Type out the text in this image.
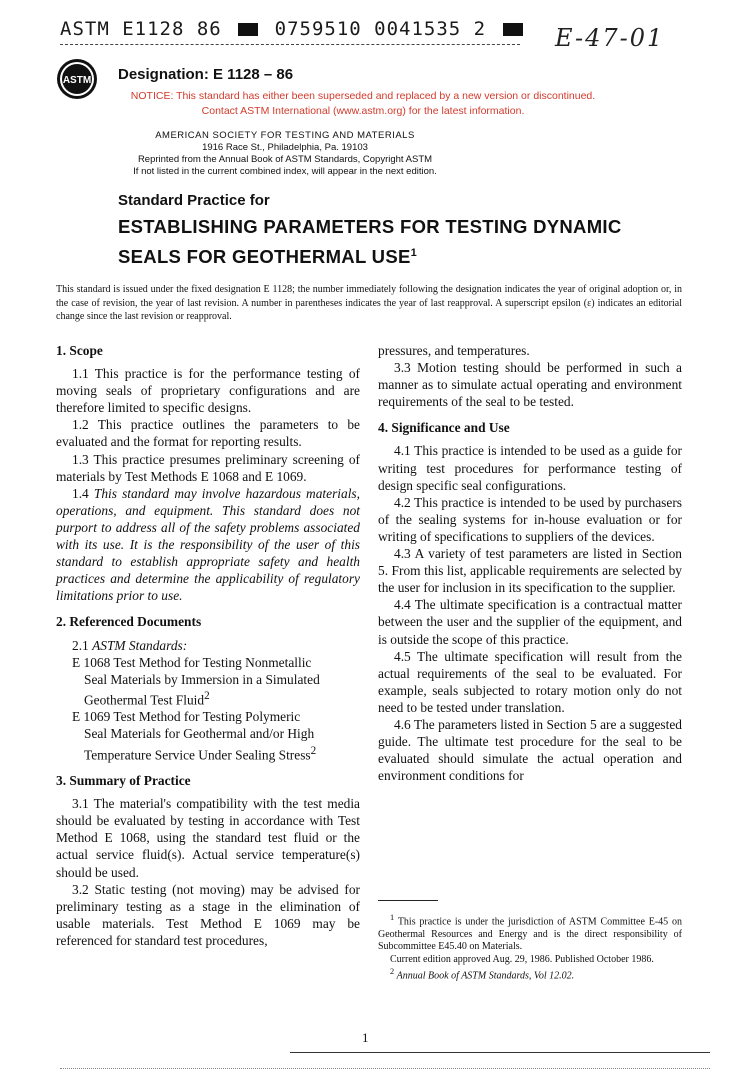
ASTM E1128 86	0759510 0041535 2	E-47-01
ASTM Designation: E 1128 – 86
NOTICE: This standard has either been superseded and replaced by a new version or discontinued.
Contact ASTM International (www.astm.org) for the latest information.
AMERICAN SOCIETY FOR TESTING AND MATERIALS
1916 Race St., Philadelphia, Pa. 19103
Reprinted from the Annual Book of ASTM Standards, Copyright ASTM
If not listed in the current combined index, will appear in the next edition.
Standard Practice for
ESTABLISHING PARAMETERS FOR TESTING DYNAMIC
SEALS FOR GEOTHERMAL USE$^1$
This standard is issued under the fixed designation E 1128; the number immediately following the designation indicates the year of original adoption or, in the case of revision, the year of last revision. A number in parentheses indicates the year of last reapproval. A superscript epsilon (ε) indicates an editorial change since the last revision or reapproval.
1. Scope

1.1 This practice is for the performance testing of moving seals of proprietary configurations and are therefore limited to specific designs.

1.2 This practice outlines the parameters to be evaluated and the format for reporting results.

1.3 This practice presumes preliminary screening of materials by Test Methods E 1068 and E 1069.

1.4 This standard may involve hazardous materials, operations, and equipment. This standard does not purport to address all of the safety problems associated with its use. It is the responsibility of the user of this standard to establish appropriate safety and health practices and determine the applicability of regulatory limitations prior to use.

2. Referenced Documents

2.1 ASTM Standards:

E 1068 Test Method for Testing Nonmetallic
Seal Materials by Immersion in a Simulated Geothermal Test Fluid$^2$
E 1069 Test Method for Testing Polymeric
Seal Materials for Geothermal and/or High Temperature Service Under Sealing Stress$^2$
3. Summary of Practice

3.1 The material's compatibility with the test media should be evaluated by testing in accordance with Test Method E 1068, using the standard test fluid or the actual service fluid(s). Actual service temperature(s) should be used.

3.2 Static testing (not moving) may be advised for preliminary testing as a stage in the elimination of usable materials. Test Method E 1069 may be referenced for standard test procedures,

pressures, and temperatures.

3.3 Motion testing should be performed in such a manner as to simulate actual operating and environment requirements of the seal to be tested.

4. Significance and Use

4.1 This practice is intended to be used as a guide for writing test procedures for performance testing of design specific seal configurations.

4.2 This practice is intended to be used by purchasers of the sealing systems for in-house evaluation or for writing of specifications to suppliers of the devices.

4.3 A variety of test parameters are listed in Section 5. From this list, applicable requirements are selected by the user for inclusion in its specification to the supplier.

4.4 The ultimate specification is a contractual matter between the user and the supplier of the equipment, and is outside the scope of this practice.

4.5 The ultimate specification will result from the actual requirements of the seal to be evaluated. For example, seals subjected to rotary motion only do not need to be tested under translation.

4.6 The parameters listed in Section 5 are a suggested guide. The ultimate test procedure for the seal to be evaluated should simulate the actual operation and environment conditions for

$^1$ This practice is under the jurisdiction of ASTM Committee E-45 on Geothermal Resources and Energy and is the direct responsibility of Subcommittee E45.40 on Materials.

Current edition approved Aug. 29, 1986. Published October 1986.

$^2$ Annual Book of ASTM Standards, Vol 12.02.

1
